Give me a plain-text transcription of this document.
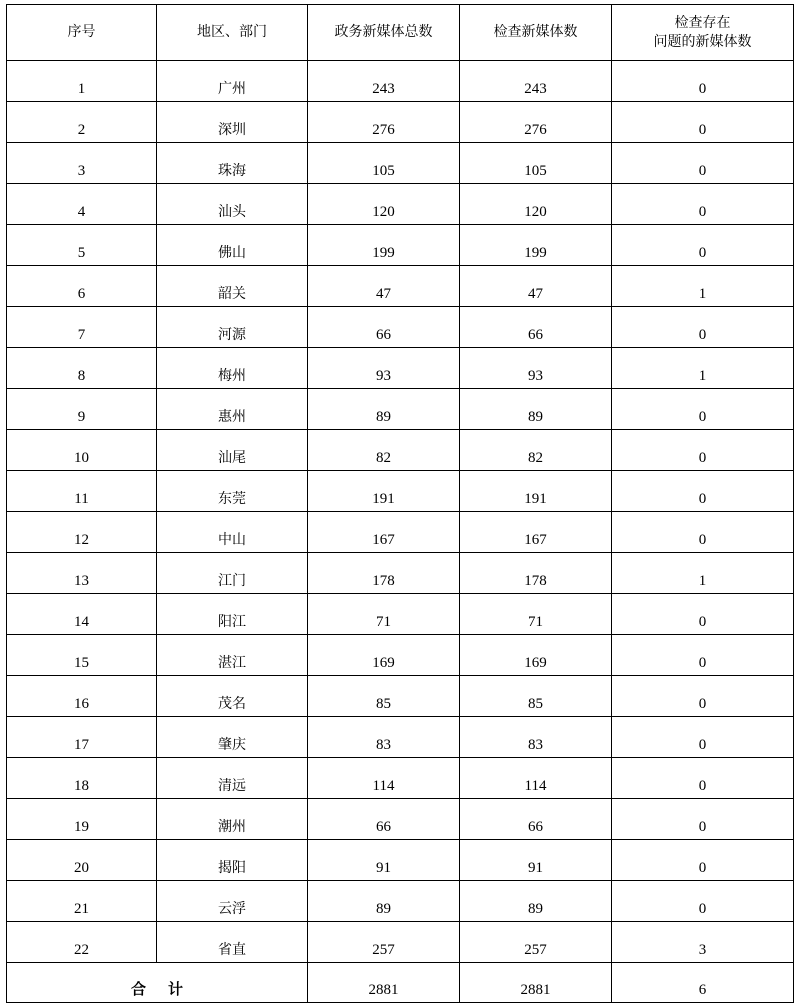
序号	地区、部门	政务新媒体总数	检查新媒体数	检查存在
问题的新媒体数

1	广州	243	243	0
2	深圳	276	276	0
3	珠海	105	105	0
4	汕头	120	120	0
5	佛山	199	199	0
6	韶关	47	47	1
7	河源	66	66	0
8	梅州	93	93	1
9	惠州	89	89	0
10	汕尾	82	82	0
11	东莞	191	191	0
12	中山	167	167	0
13	江门	178	178	1
14	阳江	71	71	0
15	湛江	169	169	0
16	茂名	85	85	0
17	肇庆	83	83	0
18	清远	114	114	0
19	潮州	66	66	0
20	揭阳	91	91	0
21	云浮	89	89	0
22	省直	257	257	3
合计		2881	2881	6
